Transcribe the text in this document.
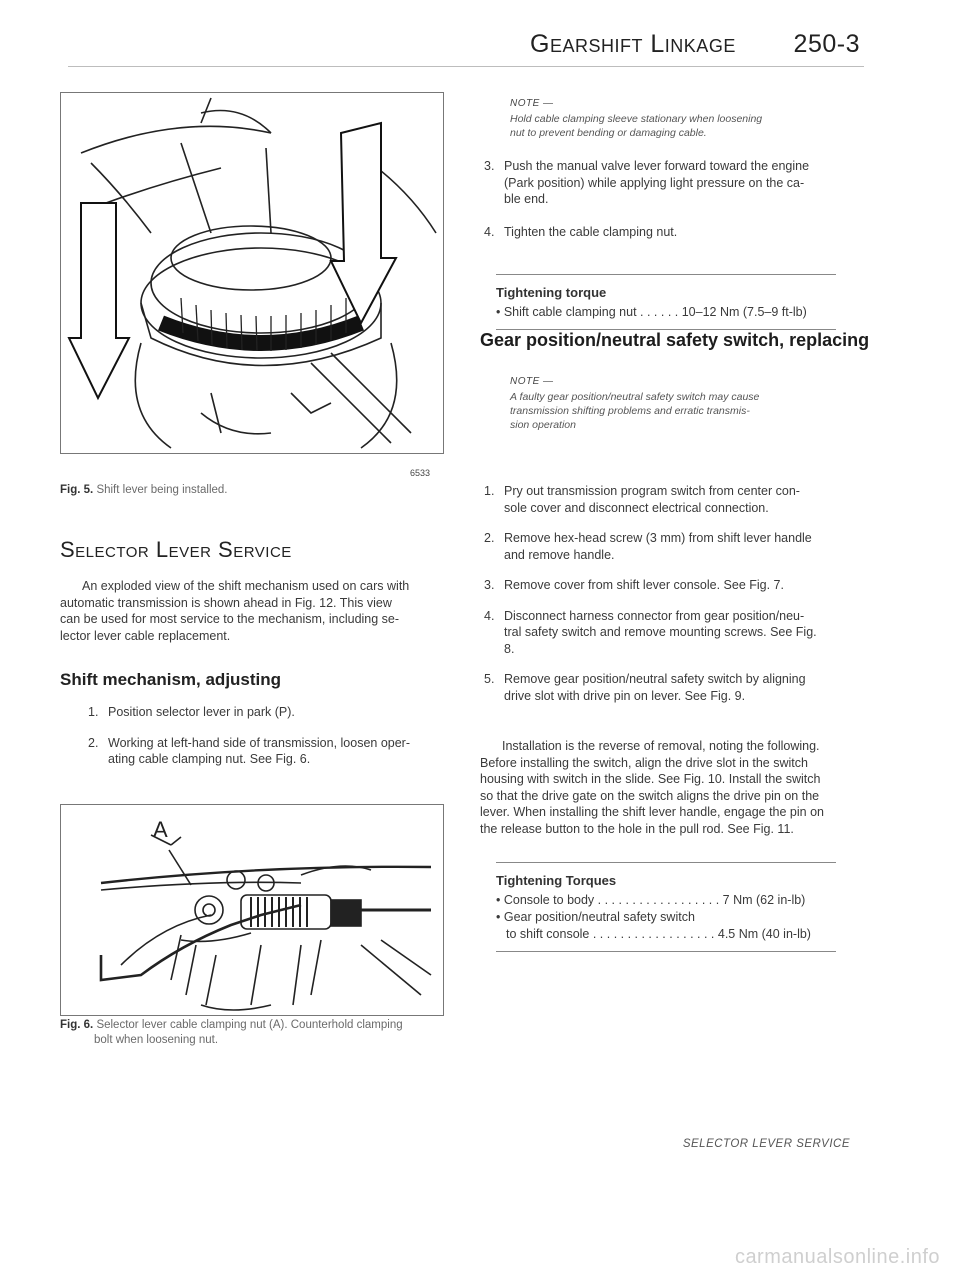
Gearshift Linkage 250-3
6533
Fig. 5. Shift lever being installed.
Selector Lever Service

An exploded view of the shift mechanism used on cars with
automatic transmission is shown ahead in Fig. 12. This view
can be used for most service to the mechanism, including se-
lector lever cable replacement.

Shift mechanism, adjusting
1. Position selector lever in park (P).
2. Working at left-hand side of transmission, loosen oper-
ating cable clamping nut. See Fig. 6.
A
Fig. 6. Selector lever cable clamping nut (A). Counterhold clamping
bolt when loosening nut.
NOTE —

Hold cable clamping sleeve stationary when loosening
nut to prevent bending or damaging cable.

3. Push the manual valve lever forward toward the engine
(Park position) while applying light pressure on the ca-
ble end.
4. Tighten the cable clamping nut.
Tightening torque
• Shift cable clamping nut . . . . . . 10–12 Nm (7.5–9 ft-lb)
Gear position/neutral safety switch, replacing
NOTE —

A faulty gear position/neutral safety switch may cause
transmission shifting problems and erratic transmis-
sion operation

1. Pry out transmission program switch from center con-
sole cover and disconnect electrical connection.
2. Remove hex-head screw (3 mm) from shift lever handle
and remove handle.
3. Remove cover from shift lever console. See Fig. 7.
4. Disconnect harness connector from gear position/neu-
tral safety switch and remove mounting screws. See Fig.
8.
5. Remove gear position/neutral safety switch by aligning
drive slot with drive pin on lever. See Fig. 9.

Installation is the reverse of removal, noting the following.
Before installing the switch, align the drive slot in the switch
housing with switch in the slide. See Fig. 10. Install the switch
so that the drive gate on the switch aligns the drive pin on the
lever. When installing the shift lever handle, engage the pin on
the release button to the hole in the pull rod. See Fig. 11.

Tightening Torques
• Console to body . . . . . . . . . . . . . . . . . . 7 Nm (62 in-lb)
• Gear position/neutral safety switch
to shift console . . . . . . . . . . . . . . . . . . 4.5 Nm (40 in-lb)
SELECTOR LEVER SERVICE
carmanualsonline.info
